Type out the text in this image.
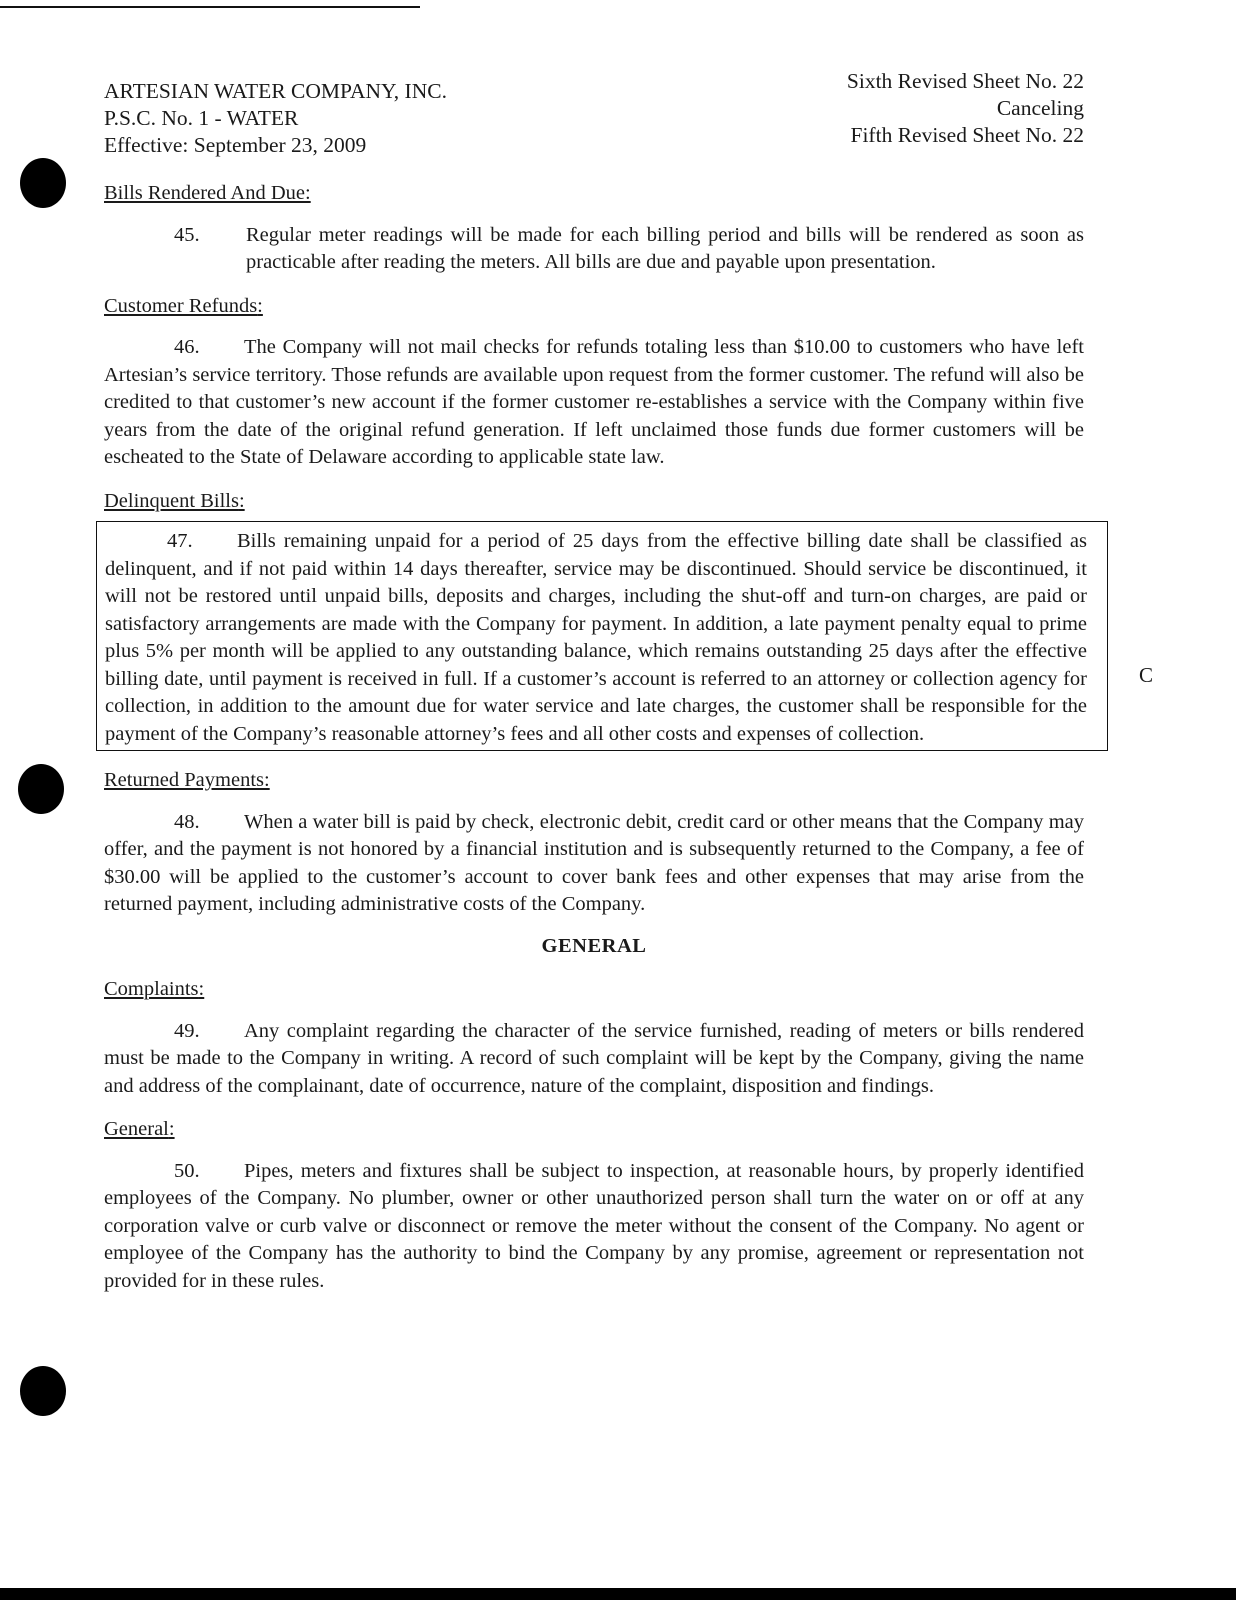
ARTESIAN WATER COMPANY, INC.
P.S.C. No. 1 - WATER
Effective: September 23, 2009
Sixth Revised Sheet No. 22
Canceling
Fifth Revised Sheet No. 22
Bills Rendered And Due:
45. Regular meter readings will be made for each billing period and bills will be rendered as soon as practicable after reading the meters. All bills are due and payable upon presentation.
Customer Refunds:
46. The Company will not mail checks for refunds totaling less than $10.00 to customers who have left Artesian’s service territory. Those refunds are available upon request from the former customer. The refund will also be credited to that customer’s new account if the former customer re-establishes a service with the Company within five years from the date of the original refund generation. If left unclaimed those funds due former customers will be escheated to the State of Delaware according to applicable state law.
Delinquent Bills:
47. Bills remaining unpaid for a period of 25 days from the effective billing date shall be classified as delinquent, and if not paid within 14 days thereafter, service may be discontinued. Should service be discontinued, it will not be restored until unpaid bills, deposits and charges, including the shut-off and turn-on charges, are paid or satisfactory arrangements are made with the Company for payment. In addition, a late payment penalty equal to prime plus 5% per month will be applied to any outstanding balance, which remains outstanding 25 days after the effective billing date, until payment is received in full. If a customer’s account is referred to an attorney or collection agency for collection, in addition to the amount due for water service and late charges, the customer shall be responsible for the payment of the Company’s reasonable attorney’s fees and all other costs and expenses of collection.
C
Returned Payments:
48. When a water bill is paid by check, electronic debit, credit card or other means that the Company may offer, and the payment is not honored by a financial institution and is subsequently returned to the Company, a fee of $30.00 will be applied to the customer’s account to cover bank fees and other expenses that may arise from the returned payment, including administrative costs of the Company.
GENERAL
Complaints:
49. Any complaint regarding the character of the service furnished, reading of meters or bills rendered must be made to the Company in writing. A record of such complaint will be kept by the Company, giving the name and address of the complainant, date of occurrence, nature of the complaint, disposition and findings.
General:
50. Pipes, meters and fixtures shall be subject to inspection, at reasonable hours, by properly identified employees of the Company. No plumber, owner or other unauthorized person shall turn the water on or off at any corporation valve or curb valve or disconnect or remove the meter without the consent of the Company. No agent or employee of the Company has the authority to bind the Company by any promise, agreement or representation not provided for in these rules.
